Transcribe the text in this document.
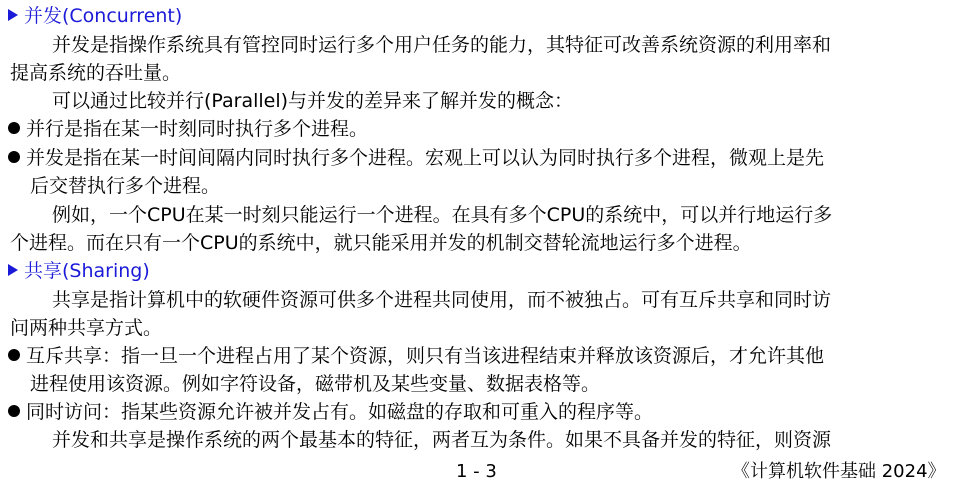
并发(Concurrent)
并发是指操作系统具有管控同时运行多个用户任务的能力，其特征可改善系统资源的利用率和
提高系统的吞吐量。
可以通过比较并行(Parallel)与并发的差异来了解并发的概念：
并行是指在某一时刻同时执行多个进程。
并发是指在某一时间间隔内同时执行多个进程。宏观上可以认为同时执行多个进程，微观上是先
后交替执行多个进程。
例如，一个CPU在某一时刻只能运行一个进程。在具有多个CPU的系统中，可以并行地运行多
个进程。而在只有一个CPU的系统中，就只能采用并发的机制交替轮流地运行多个进程。
共享(Sharing)
共享是指计算机中的软硬件资源可供多个进程共同使用，而不被独占。可有互斥共享和同时访
问两种共享方式。
互斥共享：指一旦一个进程占用了某个资源，则只有当该进程结束并释放该资源后，才允许其他
进程使用该资源。例如字符设备，磁带机及某些变量、数据表格等。
同时访问：指某些资源允许被并发占有。如磁盘的存取和可重入的程序等。
并发和共享是操作系统的两个最基本的特征，两者互为条件。如果不具备并发的特征，则资源
1 - 3	《计算机软件基础 2024》
